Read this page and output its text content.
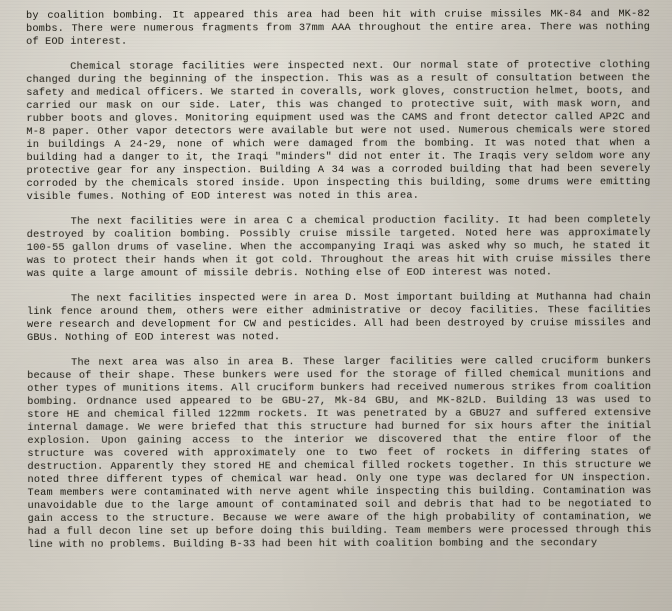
by coalition bombing. It appeared this area had been hit with cruise missiles MK-84 and MK-82 bombs. There were numerous fragments from 37mm AAA throughout the entire area. There was nothing of EOD interest.

Chemical storage facilities were inspected next. Our normal state of protective clothing changed during the beginning of the inspection. This was as a result of consultation between the safety and medical officers. We started in coveralls, work gloves, construction helmet, boots, and carried our mask on our side. Later, this was changed to protective suit, with mask worn, and rubber boots and gloves. Monitoring equipment used was the CAMS and front detector called AP2C and M-8 paper. Other vapor detectors were available but were not used. Numerous chemicals were stored in buildings A 24-29, none of which were damaged from the bombing. It was noted that when a building had a danger to it, the Iraqi "minders" did not enter it. The Iraqis very seldom wore any protective gear for any inspection. Building A 34 was a corroded building that had been severely corroded by the chemicals stored inside. Upon inspecting this building, some drums were emitting visible fumes. Nothing of EOD interest was noted in this area.

The next facilities were in area C a chemical production facility. It had been completely destroyed by coalition bombing. Possibly cruise missile targeted. Noted here was approximately 100-55 gallon drums of vaseline. When the accompanying Iraqi was asked why so much, he stated it was to protect their hands when it got cold. Throughout the areas hit with cruise missiles there was quite a large amount of missile debris. Nothing else of EOD interest was noted.

The next facilities inspected were in area D. Most important building at Muthanna had chain link fence around them, others were either administrative or decoy facilities. These facilities were research and development for CW and pesticides. All had been destroyed by cruise missiles and GBUs. Nothing of EOD interest was noted.

The next area was also in area B. These larger facilities were called cruciform bunkers because of their shape. These bunkers were used for the storage of filled chemical munitions and other types of munitions items. All cruciform bunkers had received numerous strikes from coalition bombing. Ordnance used appeared to be GBU-27, Mk-84 GBU, and MK-82LD. Building 13 was used to store HE and chemical filled 122mm rockets. It was penetrated by a GBU27 and suffered extensive internal damage. We were briefed that this structure had burned for six hours after the initial explosion. Upon gaining access to the interior we discovered that the entire floor of the structure was covered with approximately one to two feet of rockets in differing states of destruction. Apparently they stored HE and chemical filled rockets together. In this structure we noted three different types of chemical war head. Only one type was declared for UN inspection. Team members were contaminated with nerve agent while inspecting this building. Contamination was unavoidable due to the large amount of contaminated soil and debris that had to be negotiated to gain access to the structure. Because we were aware of the high probability of contamination, we had a full decon line set up before doing this building. Team members were processed through this line with no problems. Building B-33 had been hit with coalition bombing and the secondary
